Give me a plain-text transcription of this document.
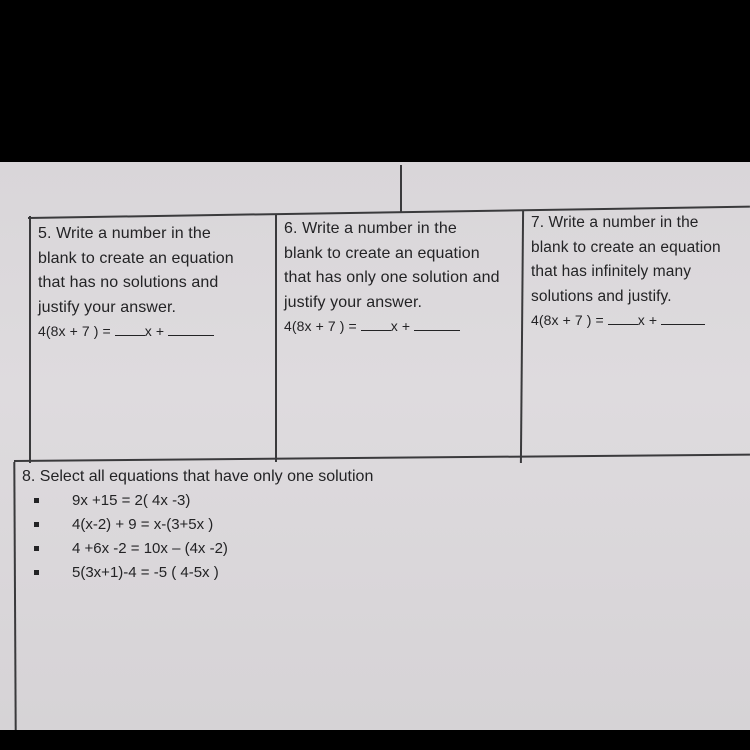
5. Write a number in the
blank to create an equation
that has no solutions and
justify your answer.
4(8x + 7 ) = x +
6. Write a number in the
blank to create an equation
that has only one solution and
justify your answer.
4(8x + 7 ) = x +
7. Write a number in the
blank to create an equation
that has infinitely many
solutions and justify.
4(8x + 7 ) = x +
8. Select all equations that have only one solution
9x +15 = 2( 4x -3)
4(x-2) + 9 = x-(3+5x )
4 +6x -2 = 10x – (4x -2)
5(3x+1)-4 = -5 ( 4-5x )
